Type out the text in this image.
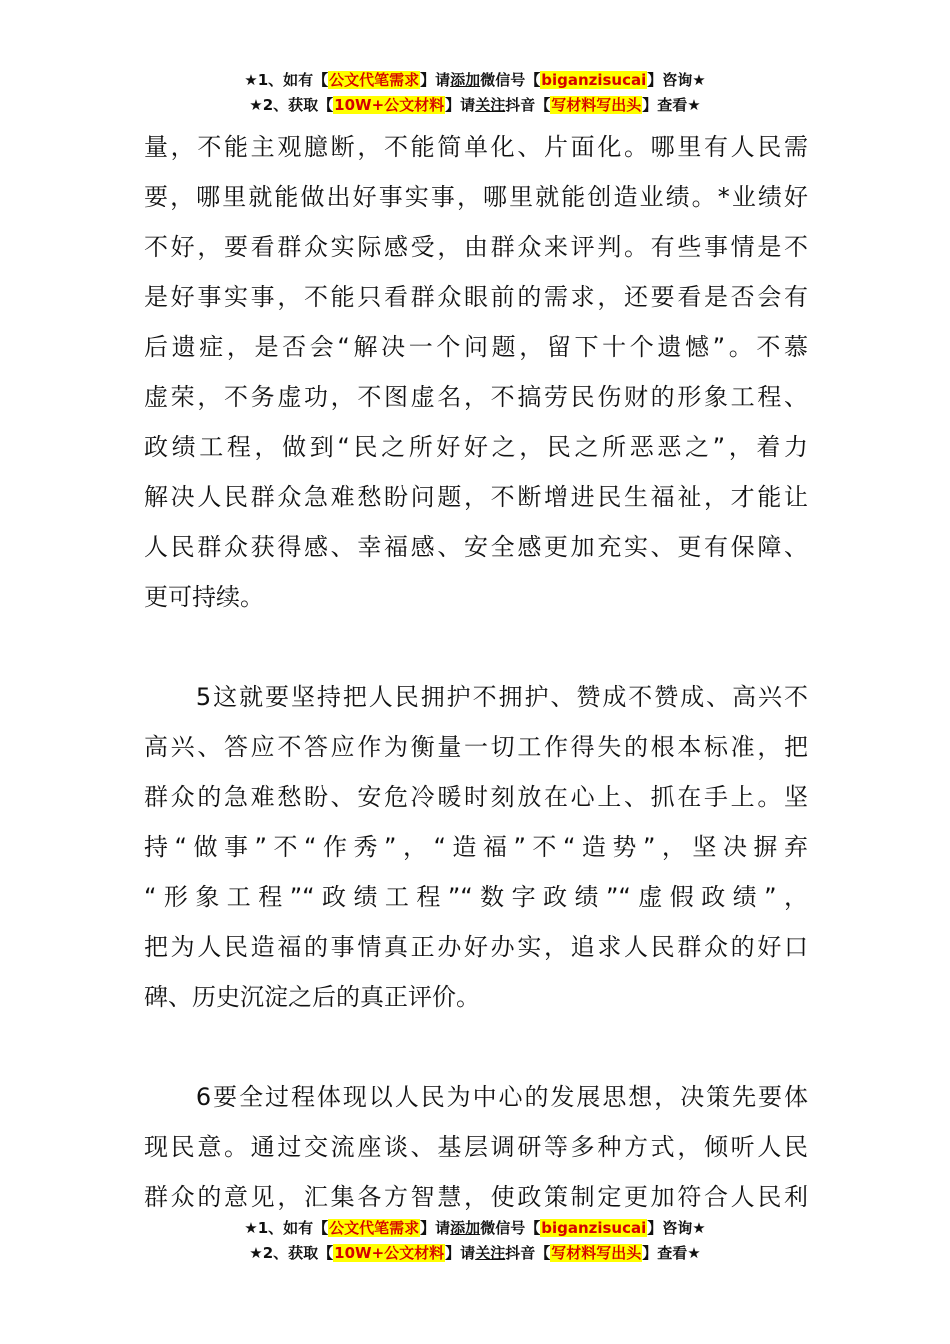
★1、如有【公文代笔需求】请添加微信号【biganzisucai】咨询★
★2、获取【10W+公文材料】请关注抖音【写材料写出头】查看★
量，不能主观臆断，不能简单化、片面化。哪里有人民需
要，哪里就能做出好事实事，哪里就能创造业绩。*业绩好
不好，要看群众实际感受，由群众来评判。有些事情是不
是好事实事，不能只看群众眼前的需求，还要看是否会有
后遗症，是否会“解决一个问题，留下十个遗憾”。不慕
虚荣，不务虚功，不图虚名，不搞劳民伤财的形象工程、
政绩工程，做到“民之所好好之，民之所恶恶之”，着力
解决人民群众急难愁盼问题，不断增进民生福祉，才能让
人民群众获得感、幸福感、安全感更加充实、更有保障、
更可持续。
　　5这就要坚持把人民拥护不拥护、赞成不赞成、高兴不
高兴、答应不答应作为衡量一切工作得失的根本标准，把
群众的急难愁盼、安危冷暖时刻放在心上、抓在手上。坚
持“做事”不“作秀”，“造福”不“造势”，坚决摒弃
“形象工程”“政绩工程”“数字政绩”“虚假政绩”，
把为人民造福的事情真正办好办实，追求人民群众的好口
碑、历史沉淀之后的真正评价。
　　6要全过程体现以人民为中心的发展思想，决策先要体
现民意。通过交流座谈、基层调研等多种方式，倾听人民
群众的意见，汇集各方智慧，使政策制定更加符合人民利
★1、如有【公文代笔需求】请添加微信号【biganzisucai】咨询★
★2、获取【10W+公文材料】请关注抖音【写材料写出头】查看★
